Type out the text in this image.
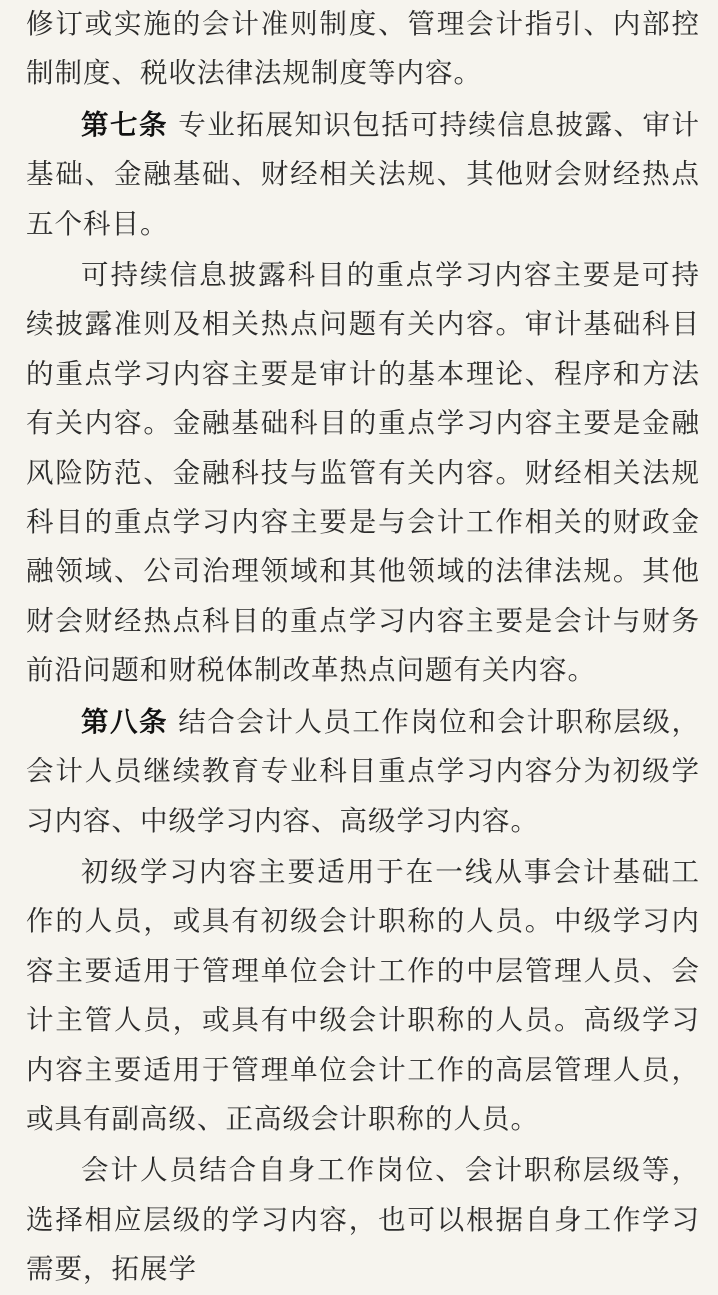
修订或实施的会计准则制度、管理会计指引、内部控制制度、税收法律法规制度等内容。

第七条 专业拓展知识包括可持续信息披露、审计基础、金融基础、财经相关法规、其他财会财经热点五个科目。

可持续信息披露科目的重点学习内容主要是可持续披露准则及相关热点问题有关内容。审计基础科目的重点学习内容主要是审计的基本理论、程序和方法有关内容。金融基础科目的重点学习内容主要是金融风险防范、金融科技与监管有关内容。财经相关法规科目的重点学习内容主要是与会计工作相关的财政金融领域、公司治理领域和其他领域的法律法规。其他财会财经热点科目的重点学习内容主要是会计与财务前沿问题和财税体制改革热点问题有关内容。

第八条 结合会计人员工作岗位和会计职称层级，会计人员继续教育专业科目重点学习内容分为初级学习内容、中级学习内容、高级学习内容。

初级学习内容主要适用于在一线从事会计基础工作的人员，或具有初级会计职称的人员。中级学习内容主要适用于管理单位会计工作的中层管理人员、会计主管人员，或具有中级会计职称的人员。高级学习内容主要适用于管理单位会计工作的高层管理人员，或具有副高级、正高级会计职称的人员。

会计人员结合自身工作岗位、会计职称层级等，选择相应层级的学习内容，也可以根据自身工作学习需要，拓展学
